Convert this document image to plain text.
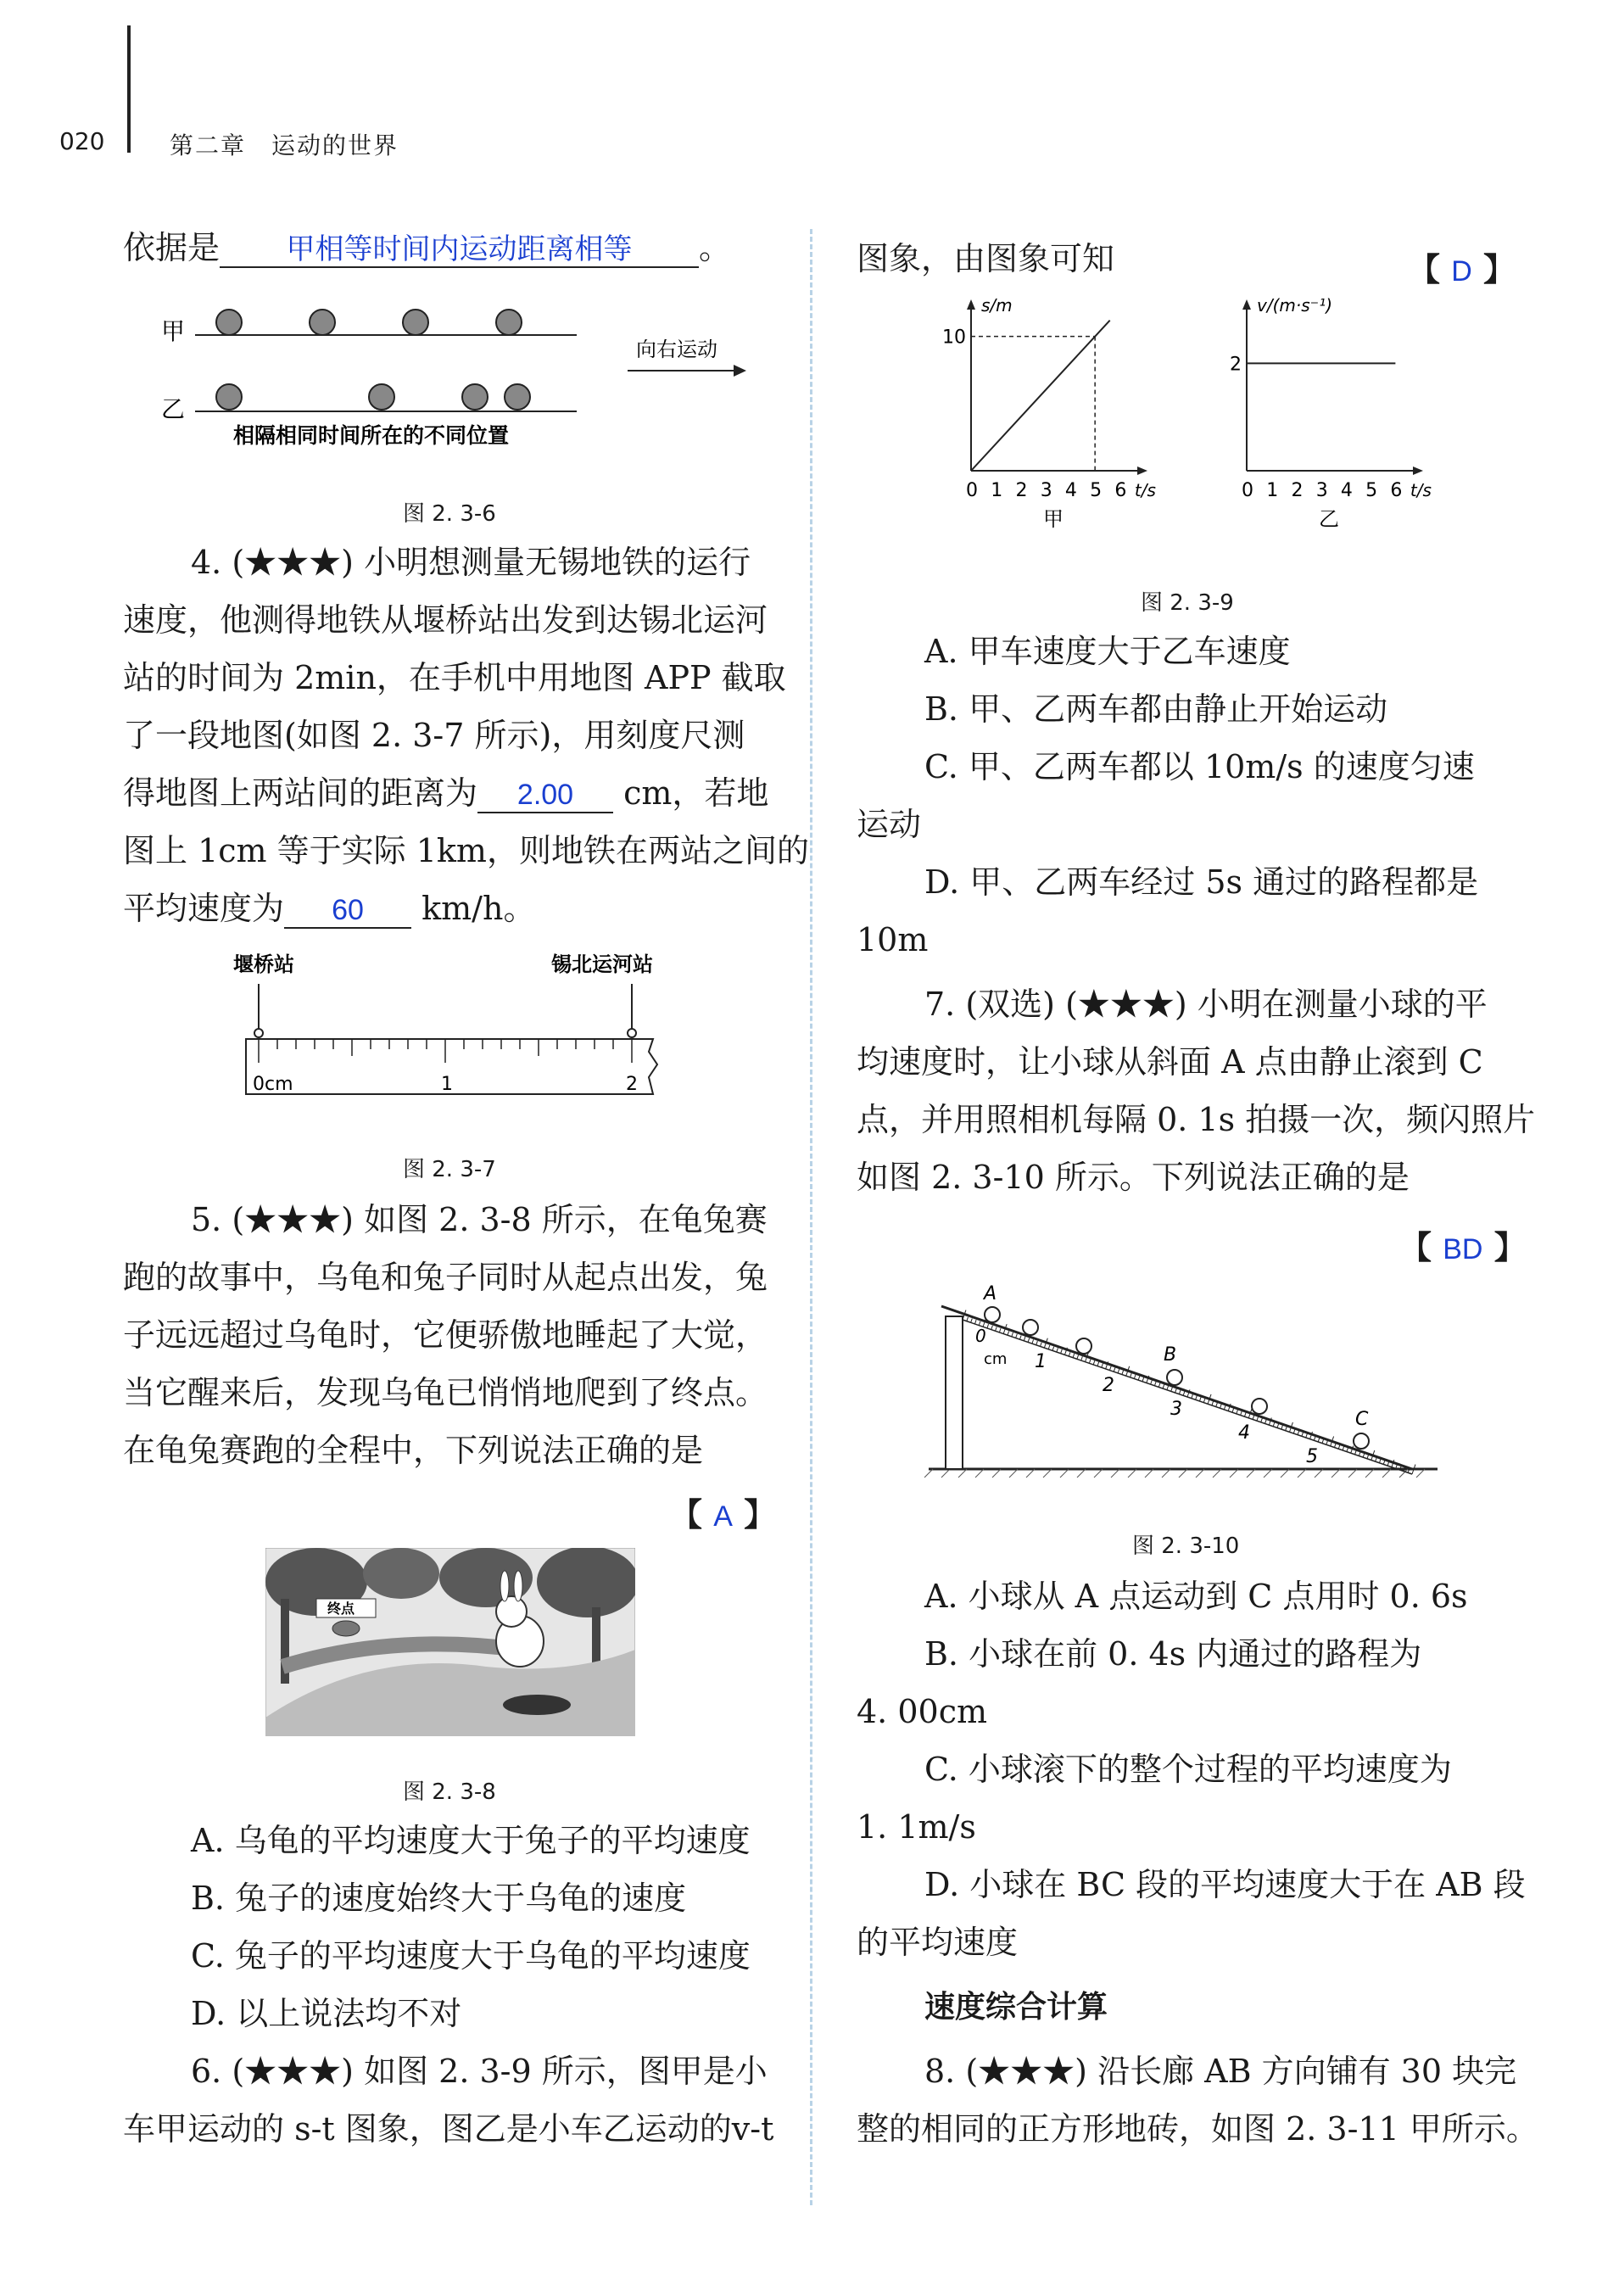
020	第二章　运动的世界
依据是 甲相等时间内运动距离相等 。
甲
乙
向右运动
相隔相同时间所在的不同位置
图 2. 3-6
4. (★★★) 小明想测量无锡地铁的运行
速度，他测得地铁从堰桥站出发到达锡北运河
站的时间为 2min，在手机中用地图 APP 截取
了一段地图(如图 2. 3-7 所示)，用刻度尺测
得地图上两站间的距离为 2.00 cm，若地
图上 1cm 等于实际 1km，则地铁在两站之间的
平均速度为 60 km/h。
堰桥站	锡北运河站
0cm	1	2
图 2. 3-7
5. (★★★) 如图 2. 3-8 所示，在龟兔赛
跑的故事中，乌龟和兔子同时从起点出发，兔
子远远超过乌龟时，它便骄傲地睡起了大觉，
当它醒来后，发现乌龟已悄悄地爬到了终点。
在龟兔赛跑的全程中，下列说法正确的是
【 A 】
终点
图 2. 3-8
A. 乌龟的平均速度大于兔子的平均速度
B. 兔子的速度始终大于乌龟的速度
C. 兔子的平均速度大于乌龟的平均速度
D. 以上说法均不对
6. (★★★) 如图 2. 3-9 所示，图甲是小
车甲运动的 s-t 图象，图乙是小车乙运动的v-t
图象，由图象可知	【 D 】
s/m
0 1 2 3 4 5 6 t/s
10
甲
v/(m·s⁻¹)
0 1 2 3 4 5 6 t/s
2
乙
图 2. 3-9
A. 甲车速度大于乙车速度
B. 甲、乙两车都由静止开始运动
C. 甲、乙两车都以 10m/s 的速度匀速
运动
D. 甲、乙两车经过 5s 通过的路程都是
10m
7. (双选) (★★★) 小明在测量小球的平
均速度时，让小球从斜面 A 点由静止滚到 C
点，并用照相机每隔 0. 1s 拍摄一次，频闪照片
如图 2. 3-10 所示。下列说法正确的是
【 BD 】
A
B
C
0
cm 1
2
3
4
5
图 2. 3-10
A. 小球从 A 点运动到 C 点用时 0. 6s
B. 小球在前 0. 4s 内通过的路程为
4. 00cm
C. 小球滚下的整个过程的平均速度为
1. 1m/s
D. 小球在 BC 段的平均速度大于在 AB 段
的平均速度
速度综合计算
8. (★★★) 沿长廊 AB 方向铺有 30 块完
整的相同的正方形地砖，如图 2. 3-11 甲所示。
